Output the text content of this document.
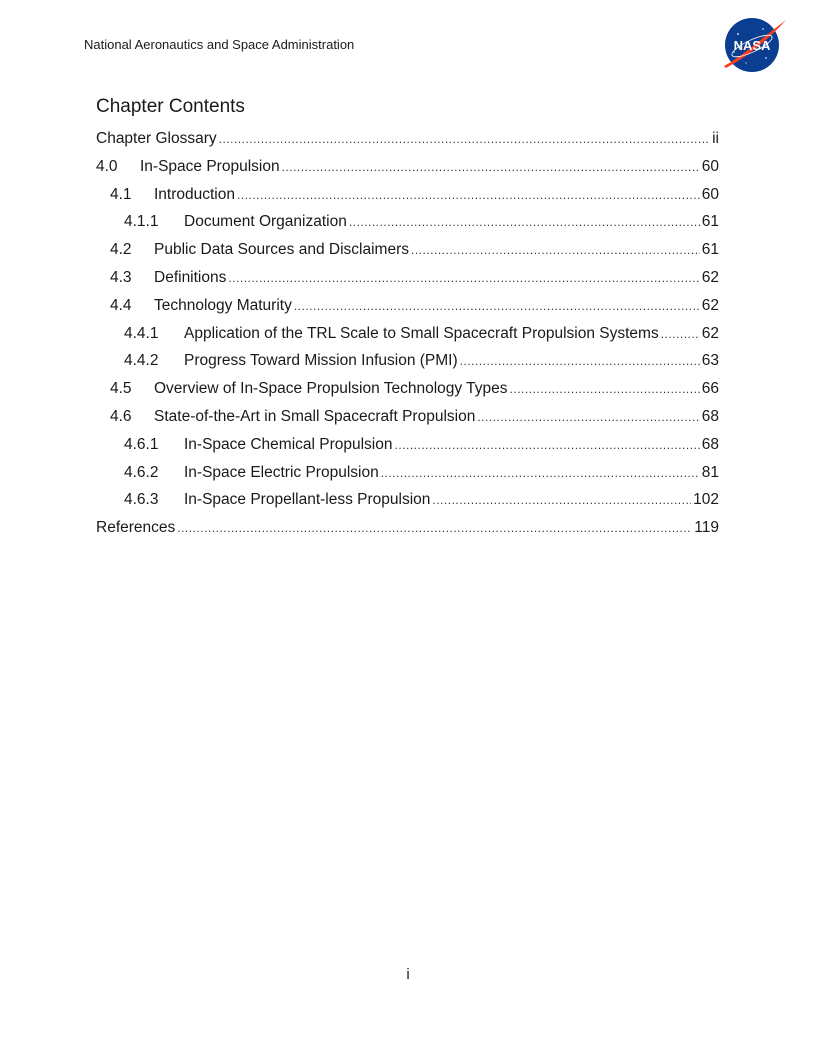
National Aeronautics and Space Administration	NASA
Chapter Contents
Chapter Glossary .....	ii
4.0	In-Space Propulsion .....	60
4.1	Introduction .....	60
4.1.1	Document Organization .....	61
4.2	Public Data Sources and Disclaimers .....	61
4.3	Definitions .....	62
4.4	Technology Maturity .....	62
4.4.1	Application of the TRL Scale to Small Spacecraft Propulsion Systems .....	62
4.4.2	Progress Toward Mission Infusion (PMI) .....	63
4.5	Overview of In-Space Propulsion Technology Types .....	66
4.6	State-of-the-Art in Small Spacecraft Propulsion .....	68
4.6.1	In-Space Chemical Propulsion .....	68
4.6.2	In-Space Electric Propulsion .....	81
4.6.3	In-Space Propellant-less Propulsion .....	102
References .....	119
i
